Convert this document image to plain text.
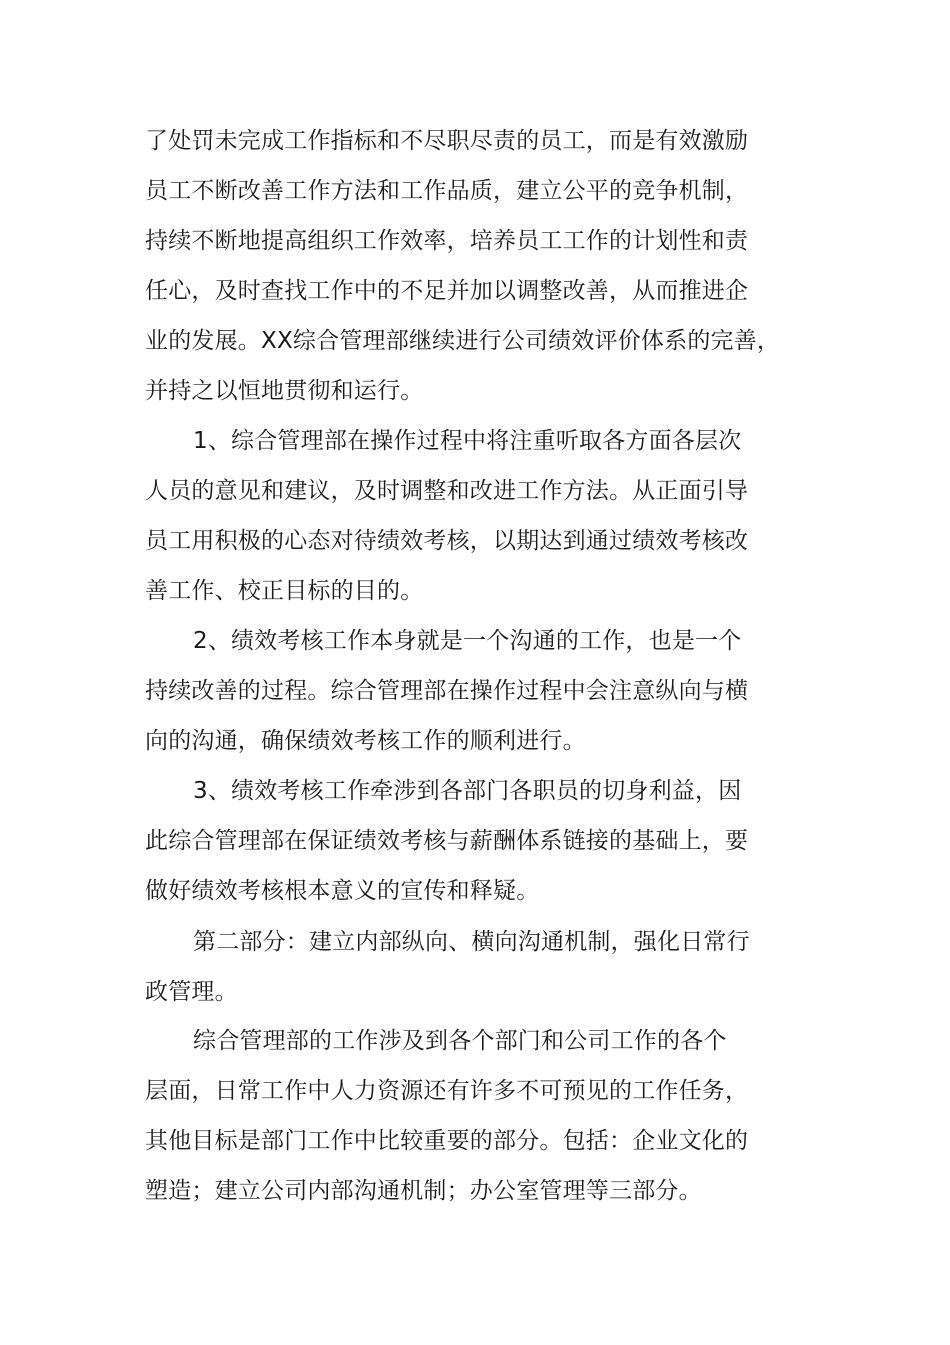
了处罚未完成工作指标和不尽职尽责的员工，而是有效激励
员工不断改善工作方法和工作品质，建立公平的竞争机制，
持续不断地提高组织工作效率，培养员工工作的计划性和责
任心，及时查找工作中的不足并加以调整改善，从而推进企
业的发展。XX综合管理部继续进行公司绩效评价体系的完善，
并持之以恒地贯彻和运行。
1、综合管理部在操作过程中将注重听取各方面各层次
人员的意见和建议，及时调整和改进工作方法。从正面引导
员工用积极的心态对待绩效考核，以期达到通过绩效考核改
善工作、校正目标的目的。
2、绩效考核工作本身就是一个沟通的工作，也是一个
持续改善的过程。综合管理部在操作过程中会注意纵向与横
向的沟通，确保绩效考核工作的顺利进行。
3、绩效考核工作牵涉到各部门各职员的切身利益，因
此综合管理部在保证绩效考核与薪酬体系链接的基础上，要
做好绩效考核根本意义的宣传和释疑。
第二部分：建立内部纵向、横向沟通机制，强化日常行
政管理。
综合管理部的工作涉及到各个部门和公司工作的各个
层面，日常工作中人力资源还有许多不可预见的工作任务，
其他目标是部门工作中比较重要的部分。包括：企业文化的
塑造；建立公司内部沟通机制；办公室管理等三部分。
